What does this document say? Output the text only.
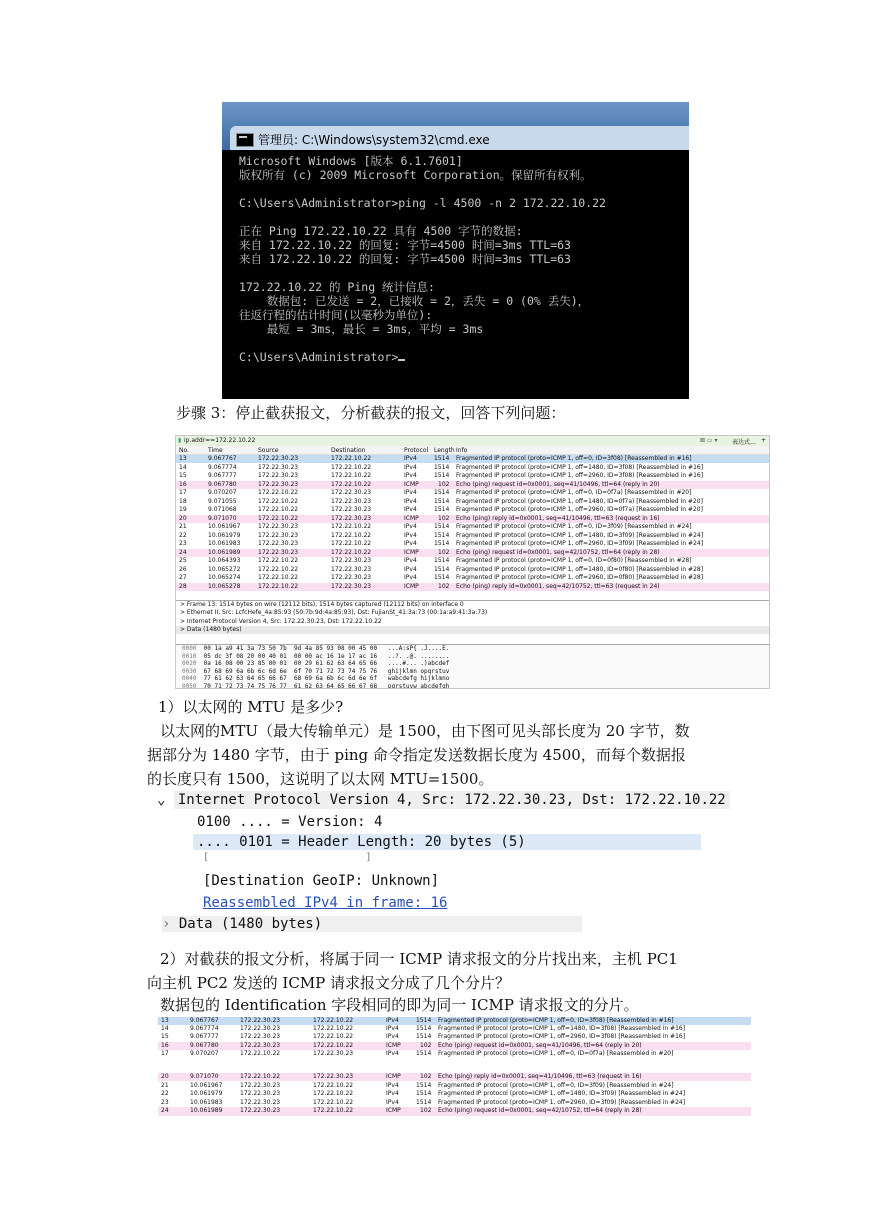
管理员: C:\Windows\system32\cmd.exe
Microsoft Windows [版本 6.1.7601]
版权所有 (c) 2009 Microsoft Corporation。保留所有权利。

C:\Users\Administrator>ping -l 4500 -n 2 172.22.10.22

正在 Ping 172.22.10.22 具有 4500 字节的数据:
来自 172.22.10.22 的回复: 字节=4500 时间=3ms TTL=63
来自 172.22.10.22 的回复: 字节=4500 时间=3ms TTL=63

172.22.10.22 的 Ping 统计信息:
数据包: 已发送 = 2，已接收 = 2，丢失 = 0 (0% 丢失)，
往返行程的估计时间(以毫秒为单位):
最短 = 3ms，最长 = 3ms，平均 = 3ms

C:\Users\Administrator>
步骤 3：停止截获报文，分析截获的报文，回答下列问题：
▮ ip.addr==172.22.10.22	⊠ ▭ ▾ 表达式… +
No.	Time	Source	Destination	Protocol Length Info
13	9.067767	172.22.30.23	172.22.10.22	IPv4	1514 Fragmented IP protocol (proto=ICMP 1, off=0, ID=3f08) [Reassembled in #16]
14	9.067774	172.22.30.23	172.22.10.22	IPv4	1514 Fragmented IP protocol (proto=ICMP 1, off=1480, ID=3f08) [Reassembled in #16]
15	9.067777	172.22.30.23	172.22.10.22	IPv4	1514 Fragmented IP protocol (proto=ICMP 1, off=2960, ID=3f08) [Reassembled in #16]
16	9.067780	172.22.30.23	172.22.10.22	ICMP	102 Echo (ping) request id=0x0001, seq=41/10496, ttl=64 (reply in 20)
17	9.070207	172.22.10.22	172.22.30.23	IPv4	1514 Fragmented IP protocol (proto=ICMP 1, off=0, ID=0f7a) [Reassembled in #20]
18	9.071055	172.22.10.22	172.22.30.23	IPv4	1514 Fragmented IP protocol (proto=ICMP 1, off=1480, ID=0f7a) [Reassembled in #20]
19	9.071068	172.22.10.22	172.22.30.23	IPv4	1514 Fragmented IP protocol (proto=ICMP 1, off=2960, ID=0f7a) [Reassembled in #20]
20	9.071070	172.22.10.22	172.22.30.23	ICMP	102 Echo (ping) reply id=0x0001, seq=41/10496, ttl=63 (request in 16)
21	10.061967	172.22.30.23	172.22.10.22	IPv4	1514 Fragmented IP protocol (proto=ICMP 1, off=0, ID=3f09) [Reassembled in #24]
22	10.061979	172.22.30.23	172.22.10.22	IPv4	1514 Fragmented IP protocol (proto=ICMP 1, off=1480, ID=3f09) [Reassembled in #24]
23	10.061983	172.22.30.23	172.22.10.22	IPv4	1514 Fragmented IP protocol (proto=ICMP 1, off=2960, ID=3f09) [Reassembled in #24]
24	10.061989	172.22.30.23	172.22.10.22	ICMP	102 Echo (ping) request id=0x0001, seq=42/10752, ttl=64 (reply in 28)
25	10.064393	172.22.10.22	172.22.30.23	IPv4	1514 Fragmented IP protocol (proto=ICMP 1, off=0, ID=0f80) [Reassembled in #28]
26	10.065272	172.22.10.22	172.22.30.23	IPv4	1514 Fragmented IP protocol (proto=ICMP 1, off=1480, ID=0f80) [Reassembled in #28]
27	10.065274	172.22.10.22	172.22.30.23	IPv4	1514 Fragmented IP protocol (proto=ICMP 1, off=2960, ID=0f80) [Reassembled in #28]
28	10.065278	172.22.10.22	172.22.30.23	ICMP	102 Echo (ping) reply id=0x0001, seq=42/10752, ttl=63 (request in 24)
> Frame 13: 1514 bytes on wire (12112 bits), 1514 bytes captured (12112 bits) on interface 0
> Ethernet II, Src: LcfcHefe_4a:85:93 (50:7b:9d:4a:85:93), Dst: FujianSt_41:3a:73 (00:1a:a9:41:3a:73)
> Internet Protocol Version 4, Src: 172.22.30.23, Dst: 172.22.10.22
> Data (1480 bytes)
0000  00 1a a9 41 3a 73 50 7b  9d 4a 85 93 08 00 45 00   ...A:sP{ .J....E.
0010  05 dc 3f 08 20 00 40 01  00 00 ac 16 1e 17 ac 16   ..?. .@. ........
0020  0a 16 08 00 23 85 00 01  00 29 61 62 63 64 65 66   ....#... .)abcdef
0030  67 68 69 6a 6b 6c 6d 6e  6f 70 71 72 73 74 75 76   ghijklmn opqrstuv
0040  77 61 62 63 64 65 66 67  68 69 6a 6b 6c 6d 6e 6f   wabcdefg hijklmno
0050  70 71 72 73 74 75 76 77  61 62 63 64 65 66 67 68   pqrstuvw abcdefgh
1）以太网的 MTU 是多少?
以太网的MTU（最大传输单元）是 1500，由下图可见头部长度为 20 字节，数
据部分为 1480 字节，由于 ping 命令指定发送数据长度为 4500，而每个数据报
的长度只有 1500，这说明了以太网 MTU=1500。
⌄ Internet Protocol Version 4, Src: 172.22.30.23, Dst: 172.22.10.22
0100 .... = Version: 4
.... 0101 = Header Length: 20 bytes (5)
[                          ]
[Destination GeoIP: Unknown]
Reassembled IPv4 in frame: 16
› Data (1480 bytes)
2）对截获的报文分析，将属于同一 ICMP 请求报文的分片找出来，主机 PC1
向主机 PC2 发送的 ICMP 请求报文分成了几个分片？
数据包的 Identification 字段相同的即为同一 ICMP 请求报文的分片。
13	9.067767	172.22.30.23	172.22.10.22	IPv4	1514 Fragmented IP protocol (proto=ICMP 1, off=0, ID=3f08) [Reassembled in #16]
14	9.067774	172.22.30.23	172.22.10.22	IPv4	1514 Fragmented IP protocol (proto=ICMP 1, off=1480, ID=3f08) [Reassembled in #16]
15	9.067777	172.22.30.23	172.22.10.22	IPv4	1514 Fragmented IP protocol (proto=ICMP 1, off=2960, ID=3f08) [Reassembled in #16]
16	9.067780	172.22.30.23	172.22.10.22	ICMP	102 Echo (ping) request id=0x0001, seq=41/10496, ttl=64 (reply in 20)
17	9.070207	172.22.10.22	172.22.30.23	IPv4	1514 Fragmented IP protocol (proto=ICMP 1, off=0, ID=0f7a) [Reassembled in #20]
20	9.071070	172.22.10.22	172.22.30.23	ICMP	102 Echo (ping) reply id=0x0001, seq=41/10496, ttl=63 (request in 16)
21	10.061967	172.22.30.23	172.22.10.22	IPv4	1514 Fragmented IP protocol (proto=ICMP 1, off=0, ID=3f09) [Reassembled in #24]
22	10.061979	172.22.30.23	172.22.10.22	IPv4	1514 Fragmented IP protocol (proto=ICMP 1, off=1480, ID=3f09) [Reassembled in #24]
23	10.061983	172.22.30.23	172.22.10.22	IPv4	1514 Fragmented IP protocol (proto=ICMP 1, off=2960, ID=3f09) [Reassembled in #24]
24	10.061989	172.22.30.23	172.22.10.22	ICMP	102 Echo (ping) request id=0x0001, seq=42/10752, ttl=64 (reply in 28)
